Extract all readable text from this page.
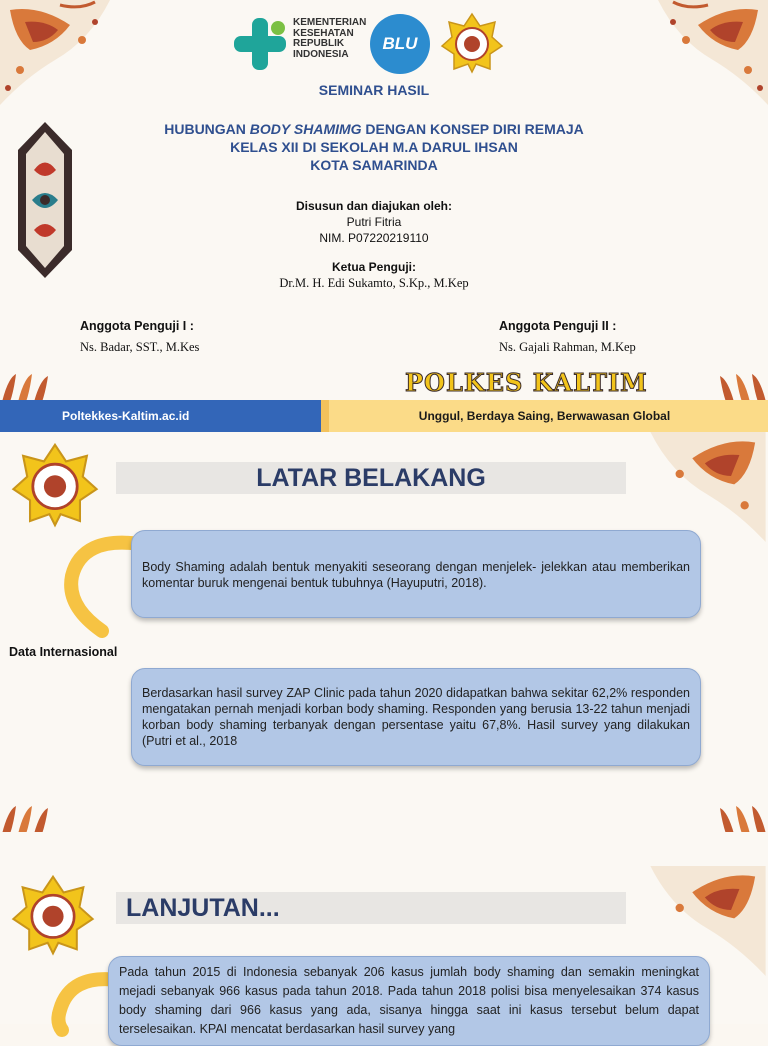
KEMENTERIAN
KESEHATAN
REPUBLIK
INDONESIA
BLU
SEMINAR HASIL
HUBUNGAN BODY SHAMIMG DENGAN KONSEP DIRI REMAJA
KELAS XII DI SEKOLAH M.A DARUL IHSAN
KOTA SAMARINDA
Disusun dan diajukan oleh:
Putri Fitria
NIM. P07220219110
Ketua Penguji:
Dr.M. H. Edi Sukamto, S.Kp., M.Kep
Anggota Penguji I :
Ns. Badar, SST., M.Kes
Anggota Penguji II :
Ns. Gajali Rahman, M.Kep
POLKES KALTIM
Poltekkes-Kaltim.ac.id	Unggul, Berdaya Saing, Berwawasan Global
LATAR BELAKANG
Body Shaming adalah bentuk menyakiti seseorang dengan menjelek- jelekkan atau memberikan komentar buruk mengenai bentuk tubuhnya (Hayuputri, 2018).
Data Internasional
Berdasarkan hasil survey ZAP Clinic pada tahun 2020 didapatkan bahwa sekitar 62,2% responden mengatakan pernah menjadi korban body shaming. Responden yang berusia 13-22 tahun menjadi korban body shaming terbanyak dengan persentase yaitu 67,8%. Hasil survey yang dilakukan (Putri et al., 2018
LANJUTAN...
Pada tahun 2015 di Indonesia sebanyak 206 kasus jumlah body shaming dan semakin meningkat mejadi sebanyak 966 kasus pada tahun 2018. Pada tahun 2018 polisi bisa menyelesaikan 374 kasus body shaming dari 966 kasus yang ada, sisanya hingga saat ini kasus tersebut belum dapat terselesaikan. KPAI mencatat berdasarkan hasil survey yang
